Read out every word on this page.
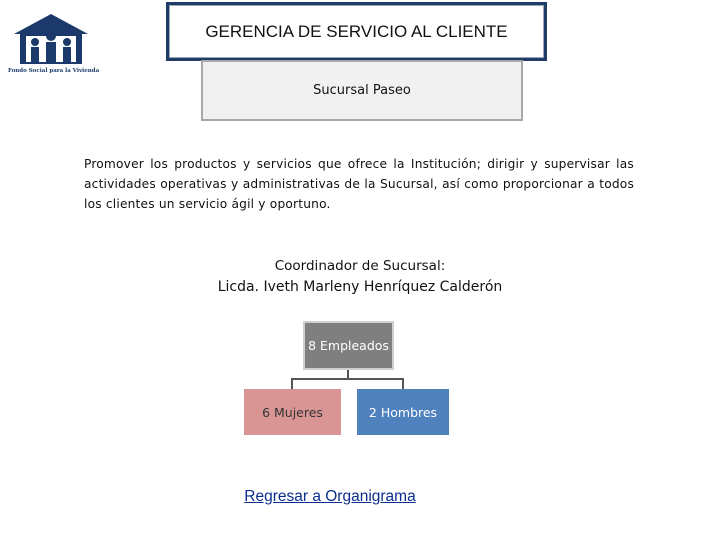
Fondo Social para la Vivienda
GERENCIA DE SERVICIO AL CLIENTE
Sucursal Paseo
Promover los productos y servicios que ofrece la Institución; dirigir y supervisar las actividades operativas y administrativas de la Sucursal, así como proporcionar a todos los clientes un servicio ágil y oportuno.
Coordinador de Sucursal:
Licda. Iveth Marleny Henríquez Calderón
8 Empleados
6 Mujeres	2 Hombres
Regresar a Organigrama
